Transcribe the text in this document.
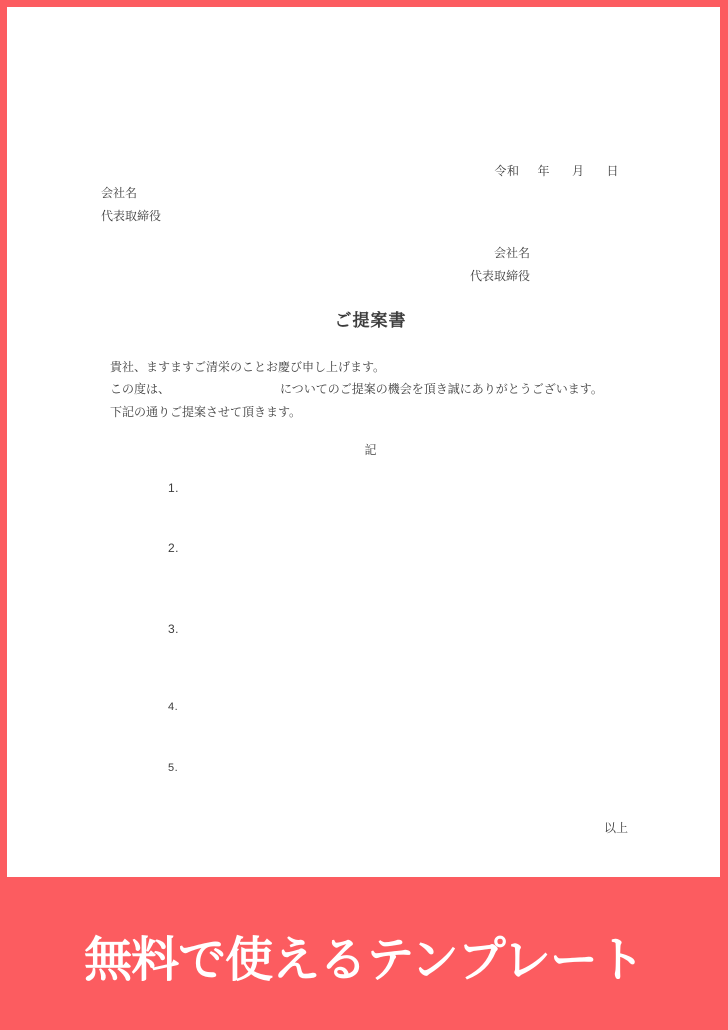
令和 年 月 日
会社名
代表取締役
会社名
代表取締役
ご提案書
貴社、ますますご清栄のことお慶び申し上げます。
この度は、	についてのご提案の機会を頂き誠にありがとうございます。
下記の通りご提案させて頂きます。
記
1.
2.
3.
4.
5.
以上
無料で使えるテンプレート
